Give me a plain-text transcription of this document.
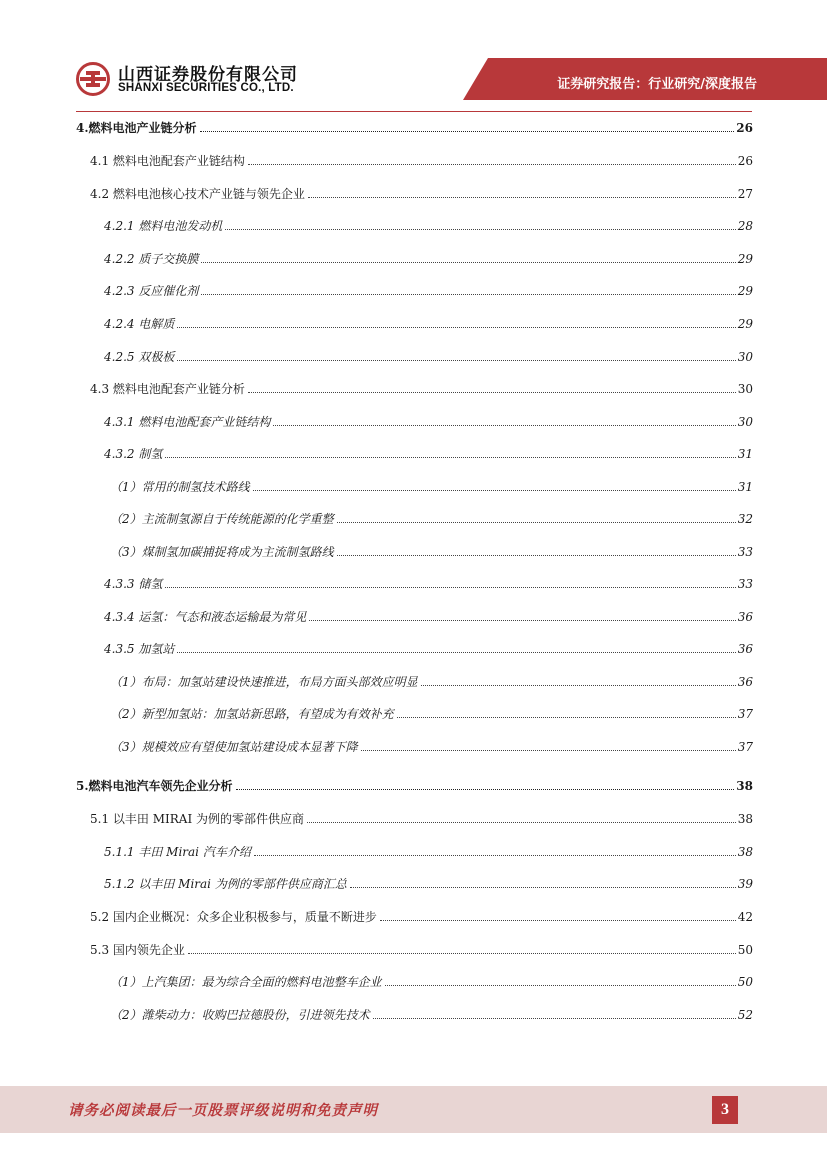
山西证券股份有限公司
SHANXI SECURITIES CO., LTD.	证券研究报告：行业研究/深度报告
4.燃料电池产业链分析	26
4.1 燃料电池配套产业链结构	26
4.2 燃料电池核心技术产业链与领先企业	27
4.2.1 燃料电池发动机	28
4.2.2 质子交换膜	29
4.2.3 反应催化剂	29
4.2.4 电解质	29
4.2.5 双极板	30
4.3 燃料电池配套产业链分析	30
4.3.1 燃料电池配套产业链结构	30
4.3.2 制氢	31
（1）常用的制氢技术路线	31
（2）主流制氢源自于传统能源的化学重整	32
（3）煤制氢加碳捕捉将成为主流制氢路线	33
4.3.3 储氢	33
4.3.4 运氢：气态和液态运输最为常见	36
4.3.5 加氢站	36
（1）布局：加氢站建设快速推进，布局方面头部效应明显	36
（2）新型加氢站：加氢站新思路，有望成为有效补充	37
（3）规模效应有望使加氢站建设成本显著下降	37
5.燃料电池汽车领先企业分析	38
5.1 以丰田 MIRAI 为例的零部件供应商	38
5.1.1 丰田 Mirai 汽车介绍	38
5.1.2 以丰田 Mirai 为例的零部件供应商汇总	39
5.2 国内企业概况：众多企业积极参与，质量不断进步	42
5.3 国内领先企业	50
（1）上汽集团：最为综合全面的燃料电池整车企业	50
（2）潍柴动力：收购巴拉德股份，引进领先技术	52
请务必阅读最后一页股票评级说明和免责声明	3
